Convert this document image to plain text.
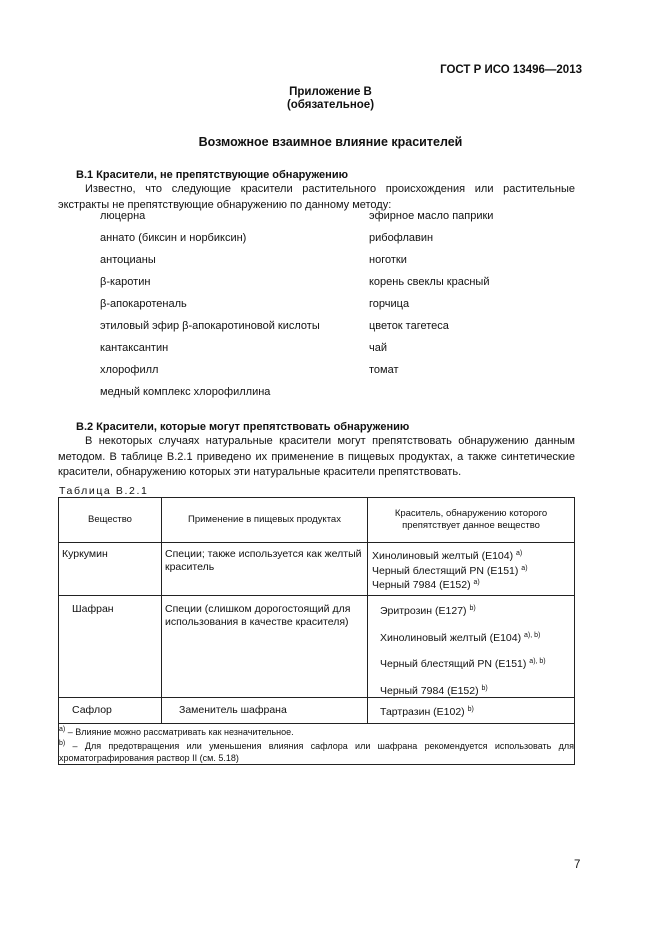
ГОСТ Р ИСО 13496—2013
Приложение В
(обязательное)
Возможное взаимное влияние красителей
В.1 Красители, не препятствующие обнаружению

Известно, что следующие красители растительного происхождения или растительные экстракты не препятствующие обнаружению по данному методу:

люцерна
аннато (биксин и норбиксин)
антоцианы
β-каротин
β-апокаротеналь
этиловый эфир β-апокаротиновой кислоты
кантаксантин
хлорофилл
медный комплекс хлорофиллина
эфирное масло паприки
рибофлавин
ноготки
корень свеклы красный
горчица
цветок тагетеса
чай
томат
В.2 Красители, которые могут препятствовать обнаружению

В некоторых случаях натуральные красители могут препятствовать обнаружению данным методом. В таблице В.2.1 приведено их применение в пищевых продуктах, а также синтетические красители, обнаружению которых эти натуральные красители препятствовать.

Таблица В.2.1
Вещество	Применение в пищевых продуктах	Краситель, обнаружению которого препятствует данное вещество
Куркумин	Специи; также используется как желтый краситель	Хинолиновый желтый (Е104) $^{a)}$
Черный блестящий PN (Е151) $^{a)}$
Черный 7984 (Е152) $^{a)}$

Шафран	Специи (слишком дорогостоящий для использования в качестве красителя)	Эритрозин (Е127) $^{b)}$
Хинолиновый желтый (Е104) $^{a), b)}$
Черный блестящий PN (Е151) $^{a), b)}$
Черный 7984 (Е152) $^{b)}$

Сафлор	Заменитель шафрана	Тартразин (Е102) $^{b)}$

$^{a)}$ – Влияние можно рассматривать как незначительное.
$^{b)}$ – Для предотвращения или уменьшения влияния сафлора или шафрана рекомендуется использовать для хроматографирования раствор II (см. 5.18)		
7
